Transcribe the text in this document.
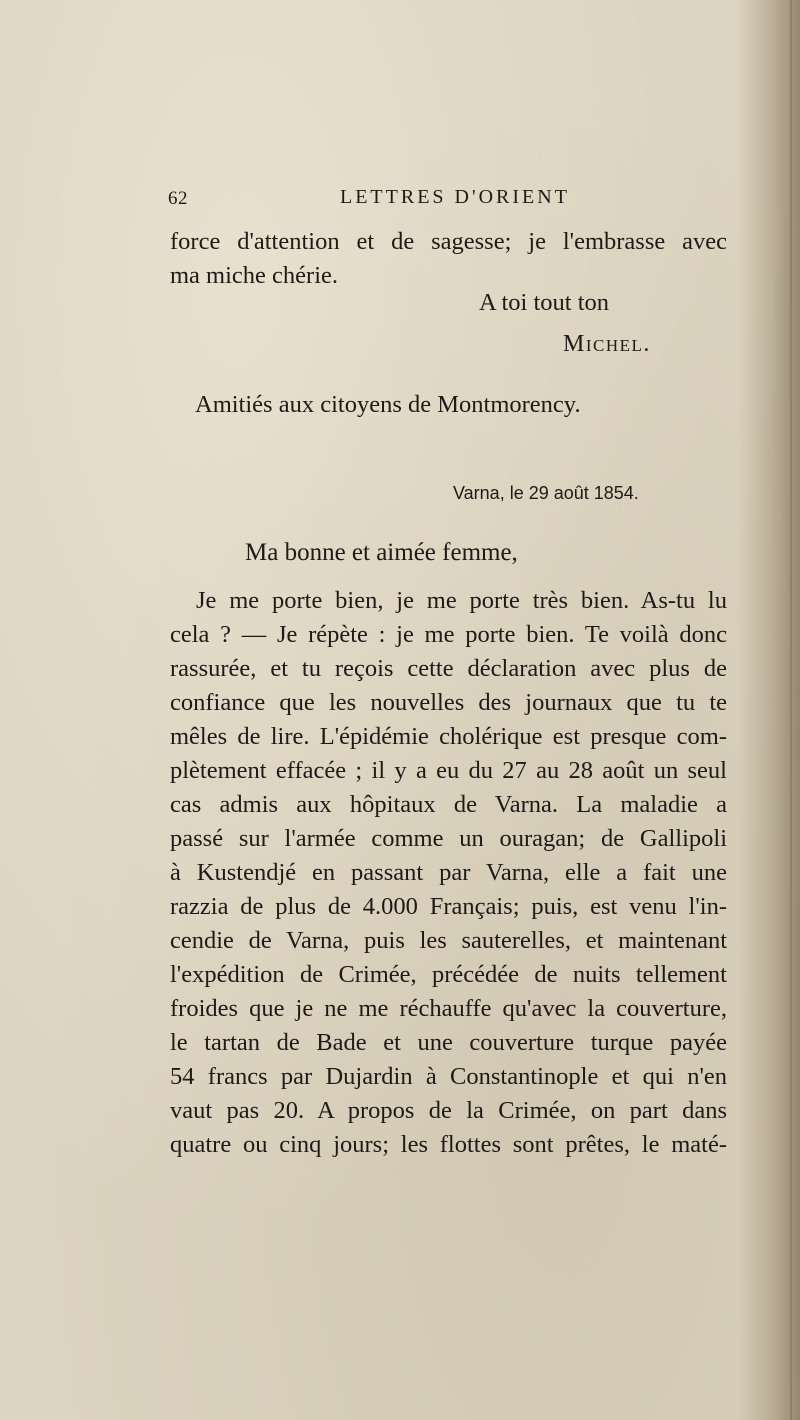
62	LETTRES D'ORIENT
force d'attention et de sagesse; je l'embrasse avec
ma miche chérie.
A toi tout ton
Michel.
Amitiés aux citoyens de Montmorency.
Varna, le 29 août 1854.
Ma bonne et aimée femme,
Je me porte bien, je me porte très bien. As-tu lu
cela ? — Je répète : je me porte bien. Te voilà donc
rassurée, et tu reçois cette déclaration avec plus de
confiance que les nouvelles des journaux que tu te
mêles de lire. L'épidémie cholérique est presque com-
plètement effacée ; il y a eu du 27 au 28 août un seul
cas admis aux hôpitaux de Varna. La maladie a
passé sur l'armée comme un ouragan; de Gallipoli
à Kustendjé en passant par Varna, elle a fait une
razzia de plus de 4.000 Français; puis, est venu l'in-
cendie de Varna, puis les sauterelles, et maintenant
l'expédition de Crimée, précédée de nuits tellement
froides que je ne me réchauffe qu'avec la couverture,
le tartan de Bade et une couverture turque payée
54 francs par Dujardin à Constantinople et qui n'en
vaut pas 20. A propos de la Crimée, on part dans
quatre ou cinq jours; les flottes sont prêtes, le maté-
